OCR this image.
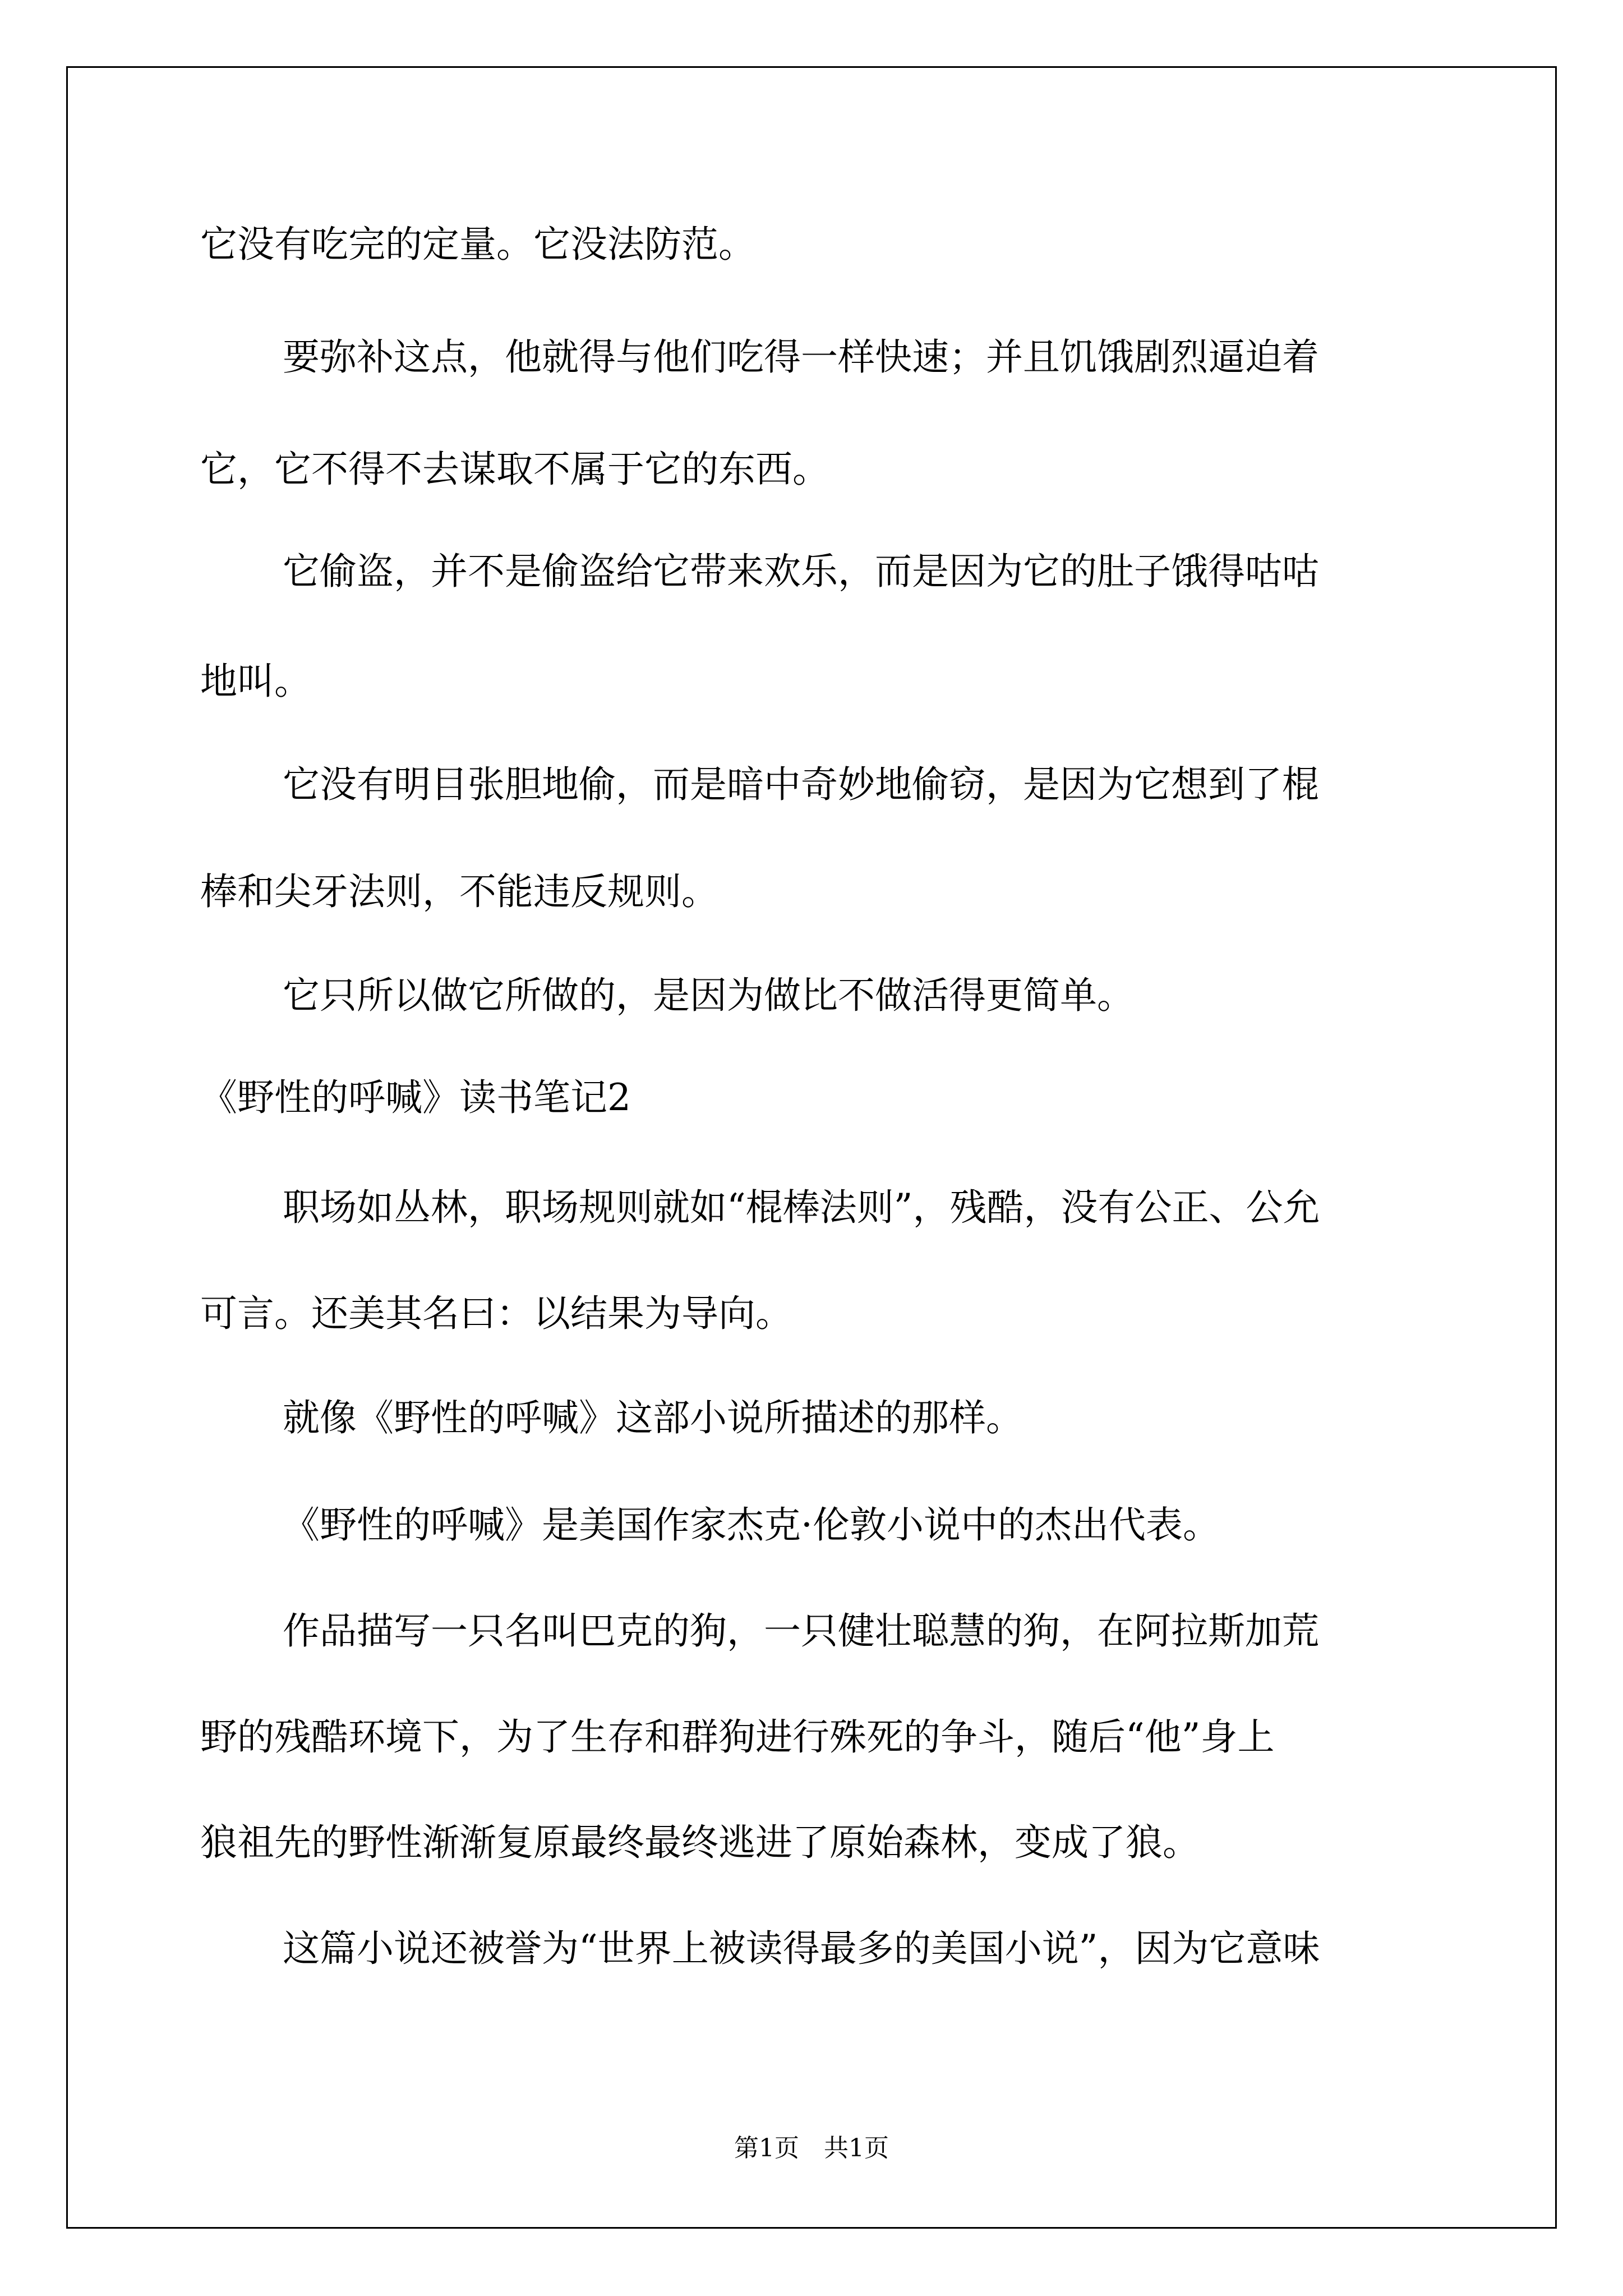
它没有吃完的定量。它没法防范。
要弥补这点，他就得与他们吃得一样快速；并且饥饿剧烈逼迫着
它，它不得不去谋取不属于它的东西。
它偷盗，并不是偷盗给它带来欢乐，而是因为它的肚子饿得咕咕
地叫。
它没有明目张胆地偷，而是暗中奇妙地偷窃，是因为它想到了棍
棒和尖牙法则，不能违反规则。
它只所以做它所做的，是因为做比不做活得更简单。
《野性的呼喊》读书笔记2
职场如丛林，职场规则就如“棍棒法则”，残酷，没有公正、公允
可言。还美其名曰：以结果为导向。
就像《野性的呼喊》这部小说所描述的那样。
《野性的呼喊》是美国作家杰克·伦敦小说中的杰出代表。
作品描写一只名叫巴克的狗，一只健壮聪慧的狗，在阿拉斯加荒
野的残酷环境下，为了生存和群狗进行殊死的争斗，随后“他”身上
狼祖先的野性渐渐复原最终最终逃进了原始森林，变成了狼。
这篇小说还被誉为“世界上被读得最多的美国小说”，因为它意味
第1页　共1页
